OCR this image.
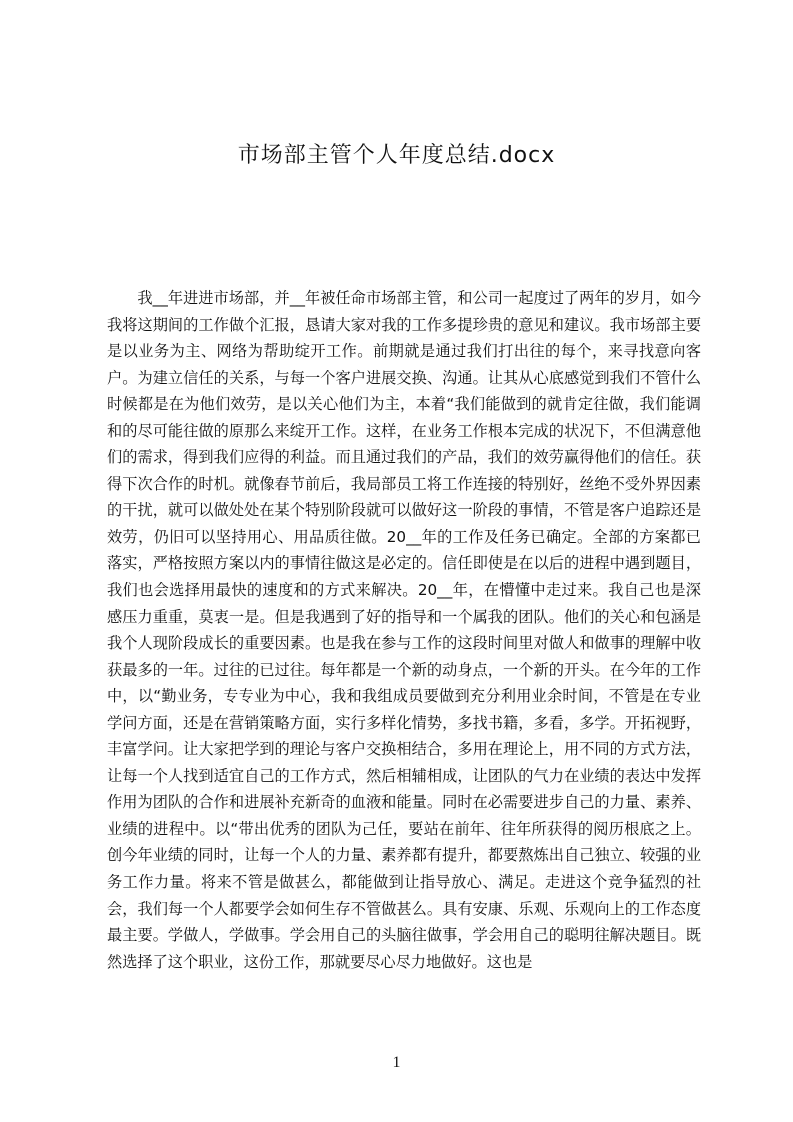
市场部主管个人年度总结.docx

我__年进进市场部，并__年被任命市场部主管，和公司一起度过了两年的岁月，如今我将这期间的工作做个汇报，恳请大家对我的工作多提珍贵的意见和建议。我市场部主要是以业务为主、网络为帮助绽开工作。前期就是通过我们打出往的每个，来寻找意向客户。为建立信任的关系，与每一个客户进展交换、沟通。让其从心底感觉到我们不管什么时候都是在为他们效劳，是以关心他们为主，本着“我们能做到的就肯定往做，我们能调和的尽可能往做的原那么来绽开工作。这样，在业务工作根本完成的状况下，不但满意他们的需求，得到我们应得的利益。而且通过我们的产品，我们的效劳赢得他们的信任。获得下次合作的时机。就像春节前后，我局部员工将工作连接的特别好，丝绝不受外界因素的干扰，就可以做处处在某个特别阶段就可以做好这一阶段的事情，不管是客户追踪还是效劳，仍旧可以坚持用心、用品质往做。20__年的工作及任务已确定。全部的方案都已落实，严格按照方案以内的事情往做这是必定的。信任即使是在以后的进程中遇到题目，我们也会选择用最快的速度和的方式来解决。20__年，在懵懂中走过来。我自己也是深感压力重重，莫衷一是。但是我遇到了好的指导和一个属我的团队。他们的关心和包涵是我个人现阶段成长的重要因素。也是我在参与工作的这段时间里对做人和做事的理解中收获最多的一年。过往的已过往。每年都是一个新的动身点，一个新的开头。在今年的工作中，以“勤业务，专专业为中心，我和我组成员要做到充分利用业余时间，不管是在专业学问方面，还是在营销策略方面，实行多样化情势，多找书籍，多看，多学。开拓视野，丰富学问。让大家把学到的理论与客户交换相结合，多用在理论上，用不同的方式方法，让每一个人找到适宜自己的工作方式，然后相辅相成，让团队的气力在业绩的表达中发挥作用为团队的合作和进展补充新奇的血液和能量。同时在必需要进步自己的力量、素养、业绩的进程中。以“带出优秀的团队为己任，要站在前年、往年所获得的阅历根底之上。创今年业绩的同时，让每一个人的力量、素养都有提升，都要熬炼出自己独立、较强的业务工作力量。将来不管是做甚么，都能做到让指导放心、满足。走进这个竞争猛烈的社会，我们每一个人都要学会如何生存不管做甚么。具有安康、乐观、乐观向上的工作态度最主要。学做人，学做事。学会用自己的头脑往做事，学会用自己的聪明往解决题目。既然选择了这个职业，这份工作，那就要尽心尽力地做好。这也是

1
